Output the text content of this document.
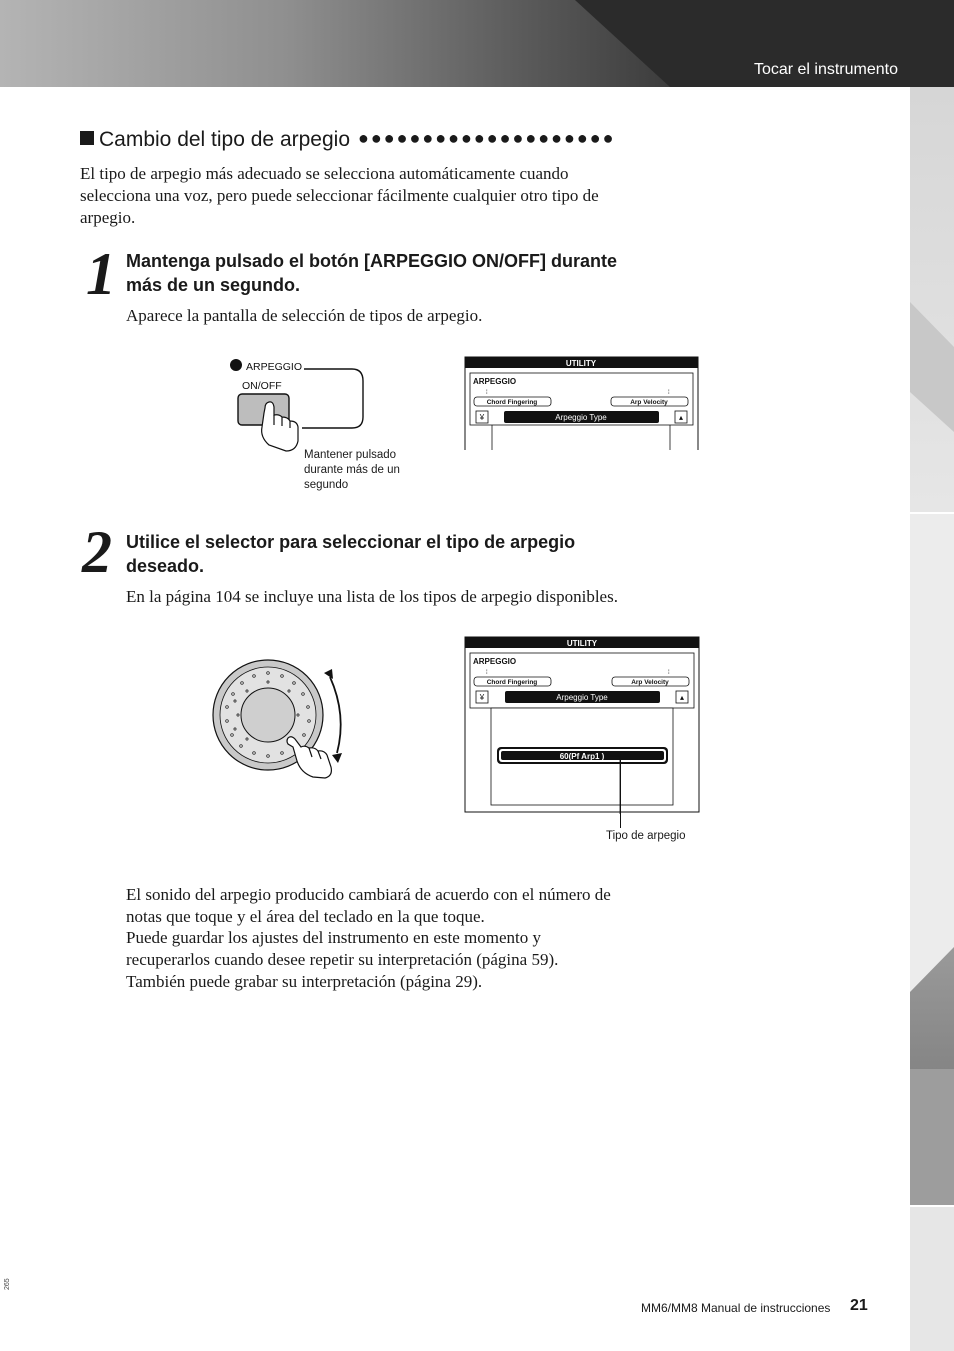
Tocar el instrumento
Cambio del tipo de arpegio ●●●●●●●●●●●●●●●●●●●●

El tipo de arpegio más adecuado se selecciona automáticamente cuando
selecciona una voz, pero puede seleccionar fácilmente cualquier otro tipo de
arpegio.

1 Mantenga pulsado el botón [ARPEGGIO ON/OFF] durante
más de un segundo.

Aparece la pantalla de selección de tipos de arpegio.

ARPEGGIO
ON/OFF
Mantener pulsado
durante más de un
segundo
UTILITY
ARPEGGIO
⁞	⁞
Chord Fingering	Arp Velocity
¥	▴
Arpeggio Type
2 Utilice el selector para seleccionar el tipo de arpegio
deseado.

En la página 104 se incluye una lista de los tipos de arpegio disponibles.

UTILITY
ARPEGGIO
⁞	⁞
Chord Fingering	Arp Velocity
¥	▴
Arpeggio Type
60(Pf Arp1 )
Tipo de arpegio

El sonido del arpegio producido cambiará de acuerdo con el número de
notas que toque y el área del teclado en la que toque.
Puede guardar los ajustes del instrumento en este momento y
recuperarlos cuando desee repetir su interpretación (página 59).
También puede grabar su interpretación (página 29).

265
MM6/MM8 Manual de instrucciones 21
